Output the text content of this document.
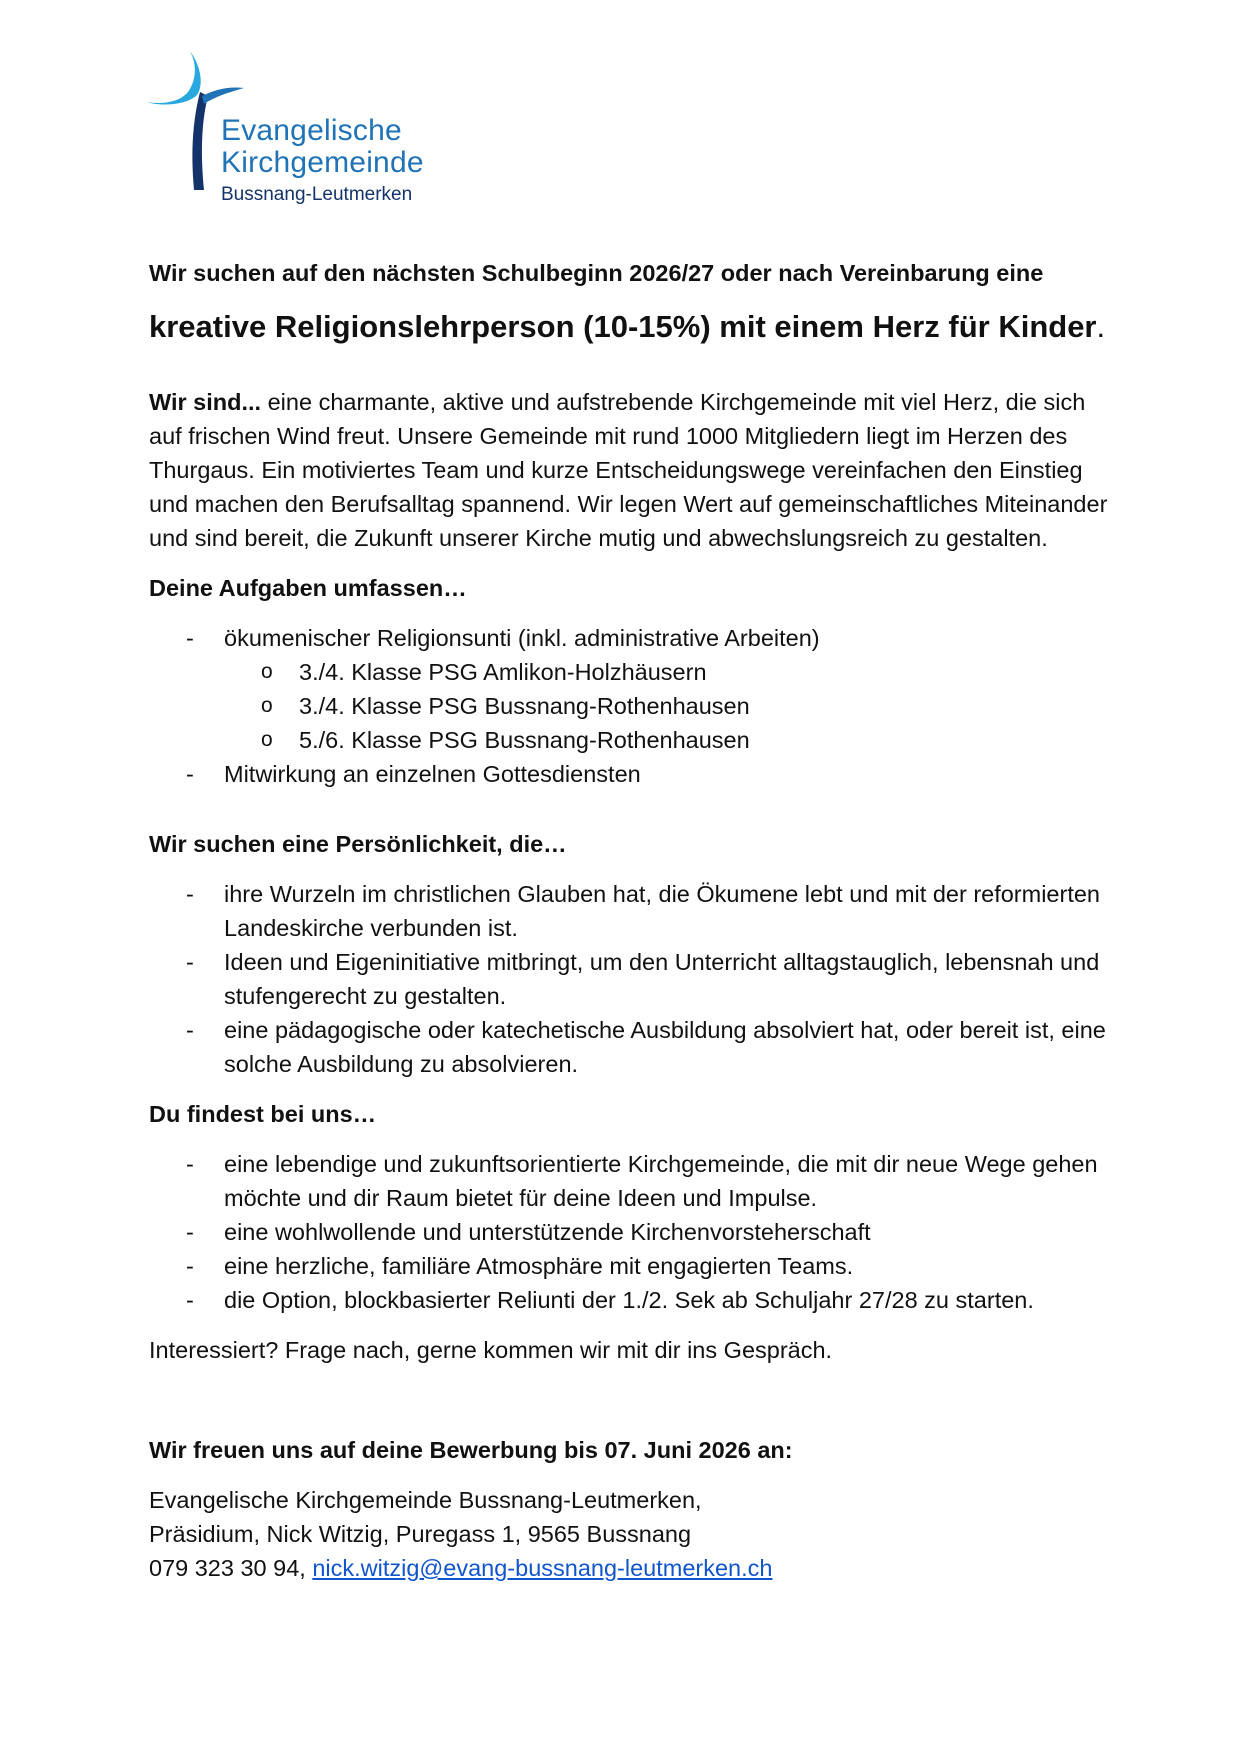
Evangelische
Kirchgemeinde
Bussnang-Leutmerken

Wir suchen auf den nächsten Schulbeginn 2026/27 oder nach Vereinbarung eine

kreative Religionslehrperson (10-15%) mit einem Herz für Kinder.

Wir sind... eine charmante, aktive und aufstrebende Kirchgemeinde mit viel Herz, die sich auf frischen Wind freut. Unsere Gemeinde mit rund 1000 Mitgliedern liegt im Herzen des Thurgaus. Ein motiviertes Team und kurze Entscheidungswege vereinfachen den Einstieg und machen den Berufsalltag spannend. Wir legen Wert auf gemeinschaftliches Miteinander und sind bereit, die Zukunft unserer Kirche mutig und abwechslungsreich zu gestalten.

Deine Aufgaben umfassen…

- ökumenischer Religionsunti (inkl. administrative Arbeiten)
o 3./4. Klasse PSG Amlikon-Holzhäusern
o 3./4. Klasse PSG Bussnang-Rothenhausen
o 5./6. Klasse PSG Bussnang-Rothenhausen
- Mitwirkung an einzelnen Gottesdiensten

Wir suchen eine Persönlichkeit, die…

- ihre Wurzeln im christlichen Glauben hat, die Ökumene lebt und mit der reformierten Landeskirche verbunden ist.
- Ideen und Eigeninitiative mitbringt, um den Unterricht alltagstauglich, lebensnah und stufengerecht zu gestalten.
- eine pädagogische oder katechetische Ausbildung absolviert hat, oder bereit ist, eine solche Ausbildung zu absolvieren.

Du findest bei uns…

- eine lebendige und zukunftsorientierte Kirchgemeinde, die mit dir neue Wege gehen möchte und dir Raum bietet für deine Ideen und Impulse.
- eine wohlwollende und unterstützende Kirchenvorsteherschaft
- eine herzliche, familiäre Atmosphäre mit engagierten Teams.
- die Option, blockbasierter Reliunti der 1./2. Sek ab Schuljahr 27/28 zu starten.

Interessiert? Frage nach, gerne kommen wir mit dir ins Gespräch.

Wir freuen uns auf deine Bewerbung bis 07. Juni 2026 an:

Evangelische Kirchgemeinde Bussnang-Leutmerken,

Präsidium, Nick Witzig, Puregass 1, 9565 Bussnang

079 323 30 94, nick.witzig@evang-bussnang-leutmerken.ch
